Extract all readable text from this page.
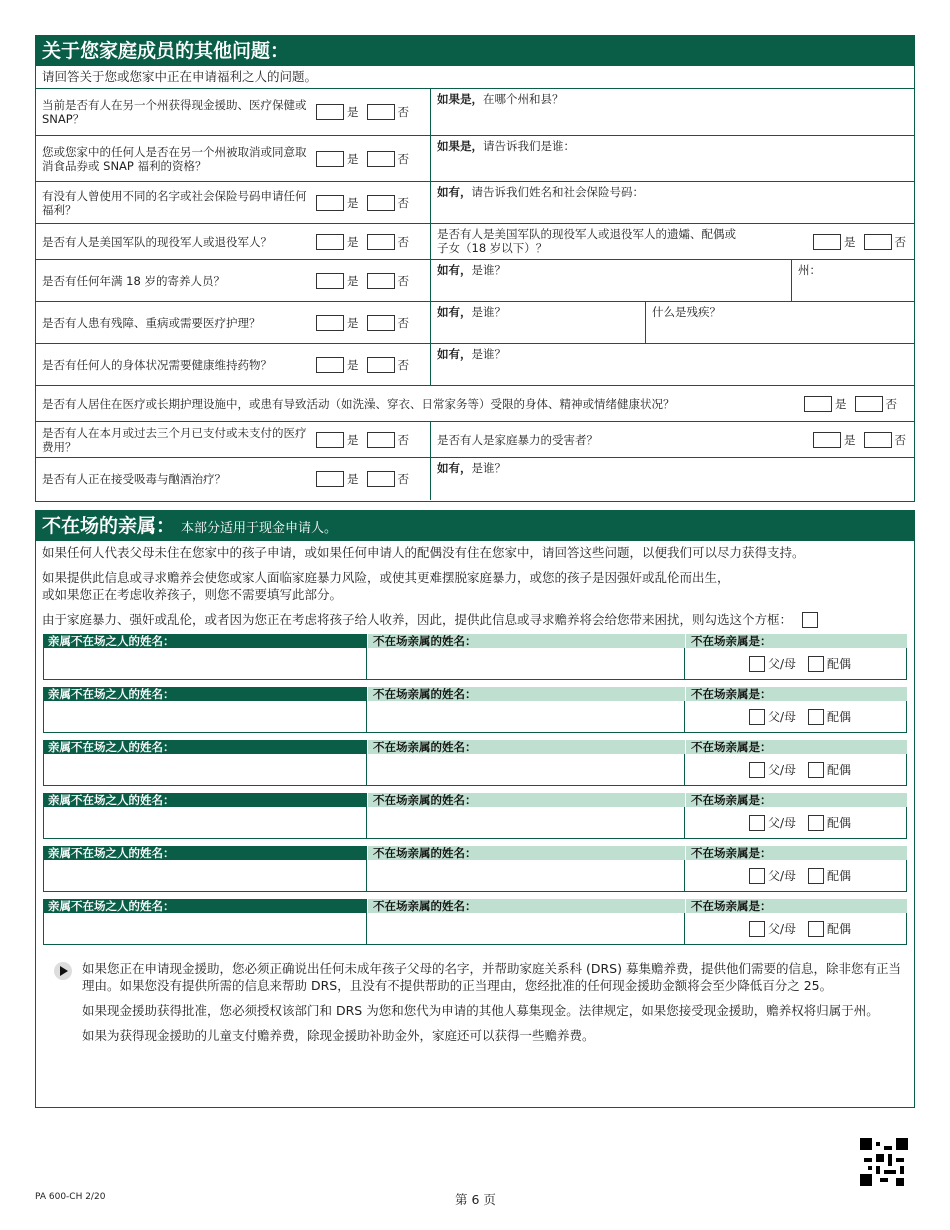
关于您家庭成员的其他问题：
请回答关于您或您家中正在申请福利之人的问题。
当前是否有人在另一个州获得现金援助、医疗保健或 SNAP？	是	否
如果是，在哪个州和县？
您或您家中的任何人是否在另一个州被取消或同意取消食品券或 SNAP 福利的资格？	是	否
如果是，请告诉我们是谁：
有没有人曾使用不同的名字或社会保险号码申请任何福利？	是	否
如有，请告诉我们姓名和社会保险号码：
是否有人是美国军队的现役军人或退役军人？	是	否
是否有人是美国军队的现役军人或退役军人的遗孀、配偶或子女（18 岁以下）？	是	否
是否有任何年满 18 岁的寄养人员？	是	否
如有，是谁？	州：
是否有人患有残障、重病或需要医疗护理？	是	否
如有，是谁？	什么是残疾？
是否有任何人的身体状况需要健康维持药物？	是	否
如有，是谁？
是否有人居住在医疗或长期护理设施中，或患有导致活动（如洗澡、穿衣、日常家务等）受限的身体、精神或情绪健康状况？	是	否
是否有人在本月或过去三个月已支付或未支付的医疗费用？	是	否 是否有人是家庭暴力的受害者？	是	否
是否有人正在接受吸毒与酗酒治疗？	是	否
如有，是谁？
不在场的亲属： 本部分适用于现金申请人。
如果任何人代表父母未住在您家中的孩子申请，或如果任何申请人的配偶没有住在您家中，请回答这些问题，以便我们可以尽力获得支持。
如果提供此信息或寻求赡养会使您或家人面临家庭暴力风险，或使其更难摆脱家庭暴力，或您的孩子是因强奸或乱伦而出生，
或如果您正在考虑收养孩子，则您不需要填写此部分。
由于家庭暴力、强奸或乱伦，或者因为您正在考虑将孩子给人收养，因此，提供此信息或寻求赡养将会给您带来困扰，则勾选这个方框：
亲属不在场之人的姓名：	不在场亲属的姓名：	不在场亲属是：
父/母	配偶
亲属不在场之人的姓名：	不在场亲属的姓名：	不在场亲属是：
父/母	配偶
亲属不在场之人的姓名：	不在场亲属的姓名：	不在场亲属是：
父/母	配偶
亲属不在场之人的姓名：	不在场亲属的姓名：	不在场亲属是：
父/母	配偶
亲属不在场之人的姓名：	不在场亲属的姓名：	不在场亲属是：
父/母	配偶
亲属不在场之人的姓名：	不在场亲属的姓名：	不在场亲属是：
父/母	配偶

如果您正在申请现金援助，您必须正确说出任何未成年孩子父母的名字，并帮助家庭关系科 (DRS) 募集赡养费，提供他们需要的信息，除非您有正当理由。如果您没有提供所需的信息来帮助 DRS，且没有不提供帮助的正当理由，您经批准的任何现金援助金额将会至少降低百分之 25。

如果现金援助获得批准，您必须授权该部门和 DRS 为您和您代为申请的其他人募集现金。法律规定，如果您接受现金援助，赡养权将归属于州。

如果为获得现金援助的儿童支付赡养费，除现金援助补助金外，家庭还可以获得一些赡养费。

PA 600-CH 2/20	第 6 页
